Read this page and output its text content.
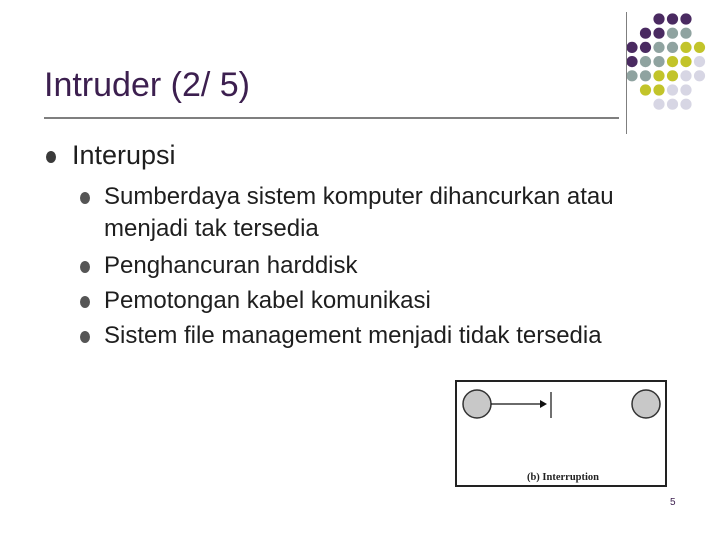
Intruder (2/ 5)
Interupsi
Sumberdaya sistem komputer dihancurkan atau
menjadi tak tersedia
Penghancuran harddisk
Pemotongan kabel komunikasi
Sistem file management menjadi tidak tersedia
(b) Interruption
5
